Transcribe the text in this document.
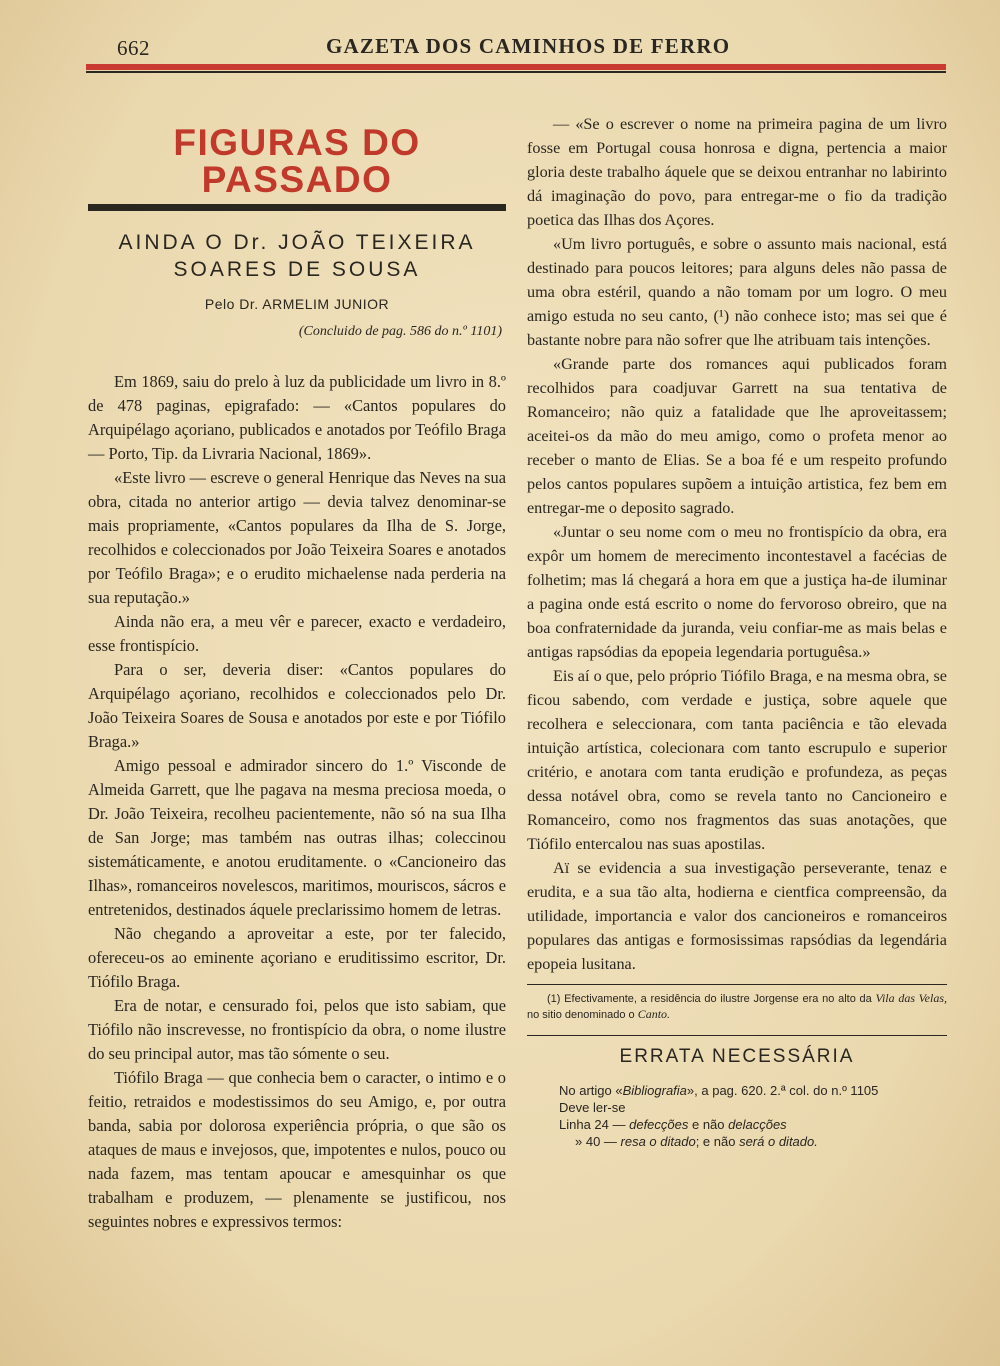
662	GAZETA DOS CAMINHOS DE FERRO
FIGURAS DO PASSADO
AINDA O Dr. JOÃO TEIXEIRA
SOARES DE SOUSA
Pelo Dr. ARMELIM JUNIOR
(Concluido de pag. 586 do n.º 1101)

Em 1869, saiu do prelo à luz da publicidade um livro in 8.º de 478 paginas, epigrafado: — «Cantos populares do Arquipélago açoriano, publicados e anotados por Teófilo Braga — Porto, Tip. da Livraria Nacional, 1869».

«Este livro — escreve o general Henrique das Neves na sua obra, citada no anterior artigo — devia talvez denominar-se mais propriamente, «Cantos populares da Ilha de S. Jorge, recolhidos e coleccionados por João Teixeira Soares e anotados por Teófilo Braga»; e o erudito michaelense nada perderia na sua reputação.»

Ainda não era, a meu vêr e parecer, exacto e verdadeiro, esse frontispício.

Para o ser, deveria diser: «Cantos populares do Arquipélago açoriano, recolhidos e coleccionados pelo Dr. João Teixeira Soares de Sousa e anotados por este e por Tiófilo Braga.»

Amigo pessoal e admirador sincero do 1.º Visconde de Almeida Garrett, que lhe pagava na mesma preciosa moeda, o Dr. João Teixeira, recolheu pacientemente, não só na sua Ilha de San Jorge; mas também nas outras ilhas; coleccinou sistemáticamente, e anotou eruditamente. o «Cancioneiro das Ilhas», romanceiros novelescos, maritimos, mouriscos, sácros e entretenidos, destinados áquele preclarissimo homem de letras.

Não chegando a aproveitar a este, por ter falecido, ofereceu-os ao eminente açoriano e eruditissimo escritor, Dr. Tiófilo Braga.

Era de notar, e censurado foi, pelos que isto sabiam, que Tiófilo não inscrevesse, no frontispício da obra, o nome ilustre do seu principal autor, mas tão sómente o seu.

Tiófilo Braga — que conhecia bem o caracter, o intimo e o feitio, retraidos e modestissimos do seu Amigo, e, por outra banda, sabia por dolorosa experiência própria, o que são os ataques de maus e invejosos, que, impotentes e nulos, pouco ou nada fazem, mas tentam apoucar e amesquinhar os que trabalham e produzem, — plenamente se justificou, nos seguintes nobres e expressivos termos:

— «Se o escrever o nome na primeira pagina de um livro fosse em Portugal cousa honrosa e digna, pertencia a maior gloria deste trabalho áquele que se deixou entranhar no labirinto dá imaginação do povo, para entregar-me o fio da tradição poetica das Ilhas dos Açores.

«Um livro português, e sobre o assunto mais nacional, está destinado para poucos leitores; para alguns deles não passa de uma obra estéril, quando a não tomam por um logro. O meu amigo estuda no seu canto, (¹) não conhece isto; mas sei que é bastante nobre para não sofrer que lhe atribuam tais intenções.

«Grande parte dos romances aqui publicados foram recolhidos para coadjuvar Garrett na sua tentativa de Romanceiro; não quiz a fatalidade que lhe aproveitassem; aceitei-os da mão do meu amigo, como o profeta menor ao receber o manto de Elias. Se a boa fé e um respeito profundo pelos cantos populares supõem a intuição artistica, fez bem em entregar-me o deposito sagrado.

«Juntar o seu nome com o meu no frontispício da obra, era expôr um homem de merecimento incontestavel a facécias de folhetim; mas lá chegará a hora em que a justiça ha-de iluminar a pagina onde está escrito o nome do fervoroso obreiro, que na boa confraternidade da juranda, veiu confiar-me as mais belas e antigas rapsódias da epopeia legendaria portuguêsa.»

Eis aí o que, pelo próprio Tiófilo Braga, e na mesma obra, se ficou sabendo, com verdade e justiça, sobre aquele que recolhera e seleccionara, com tanta paciência e tão elevada intuição artística, colecionara com tanto escrupulo e superior critério, e anotara com tanta erudição e profundeza, as peças dessa notável obra, como se revela tanto no Cancioneiro e Romanceiro, como nos fragmentos das suas anotações, que Tiófilo entercalou nas suas apostilas.

Aï se evidencia a sua investigação perseverante, tenaz e erudita, e a sua tão alta, hodierna e cientfica compreensão, da utilidade, importancia e valor dos cancioneiros e romanceiros populares das antigas e formosissimas rapsódias da legendária epopeia lusitana.

(1) Efectivamente, a residência do ilustre Jorgense era no alto da Vila das Velas, no sitio denominado o Canto.
ERRATA NECESSÁRIA
No artigo «Bibliografia», a pag. 620. 2.ª col. do n.º 1105
Deve ler-se
Linha 24 — defecções e não delacções
» 40 — resa o ditado; e não será o ditado.
